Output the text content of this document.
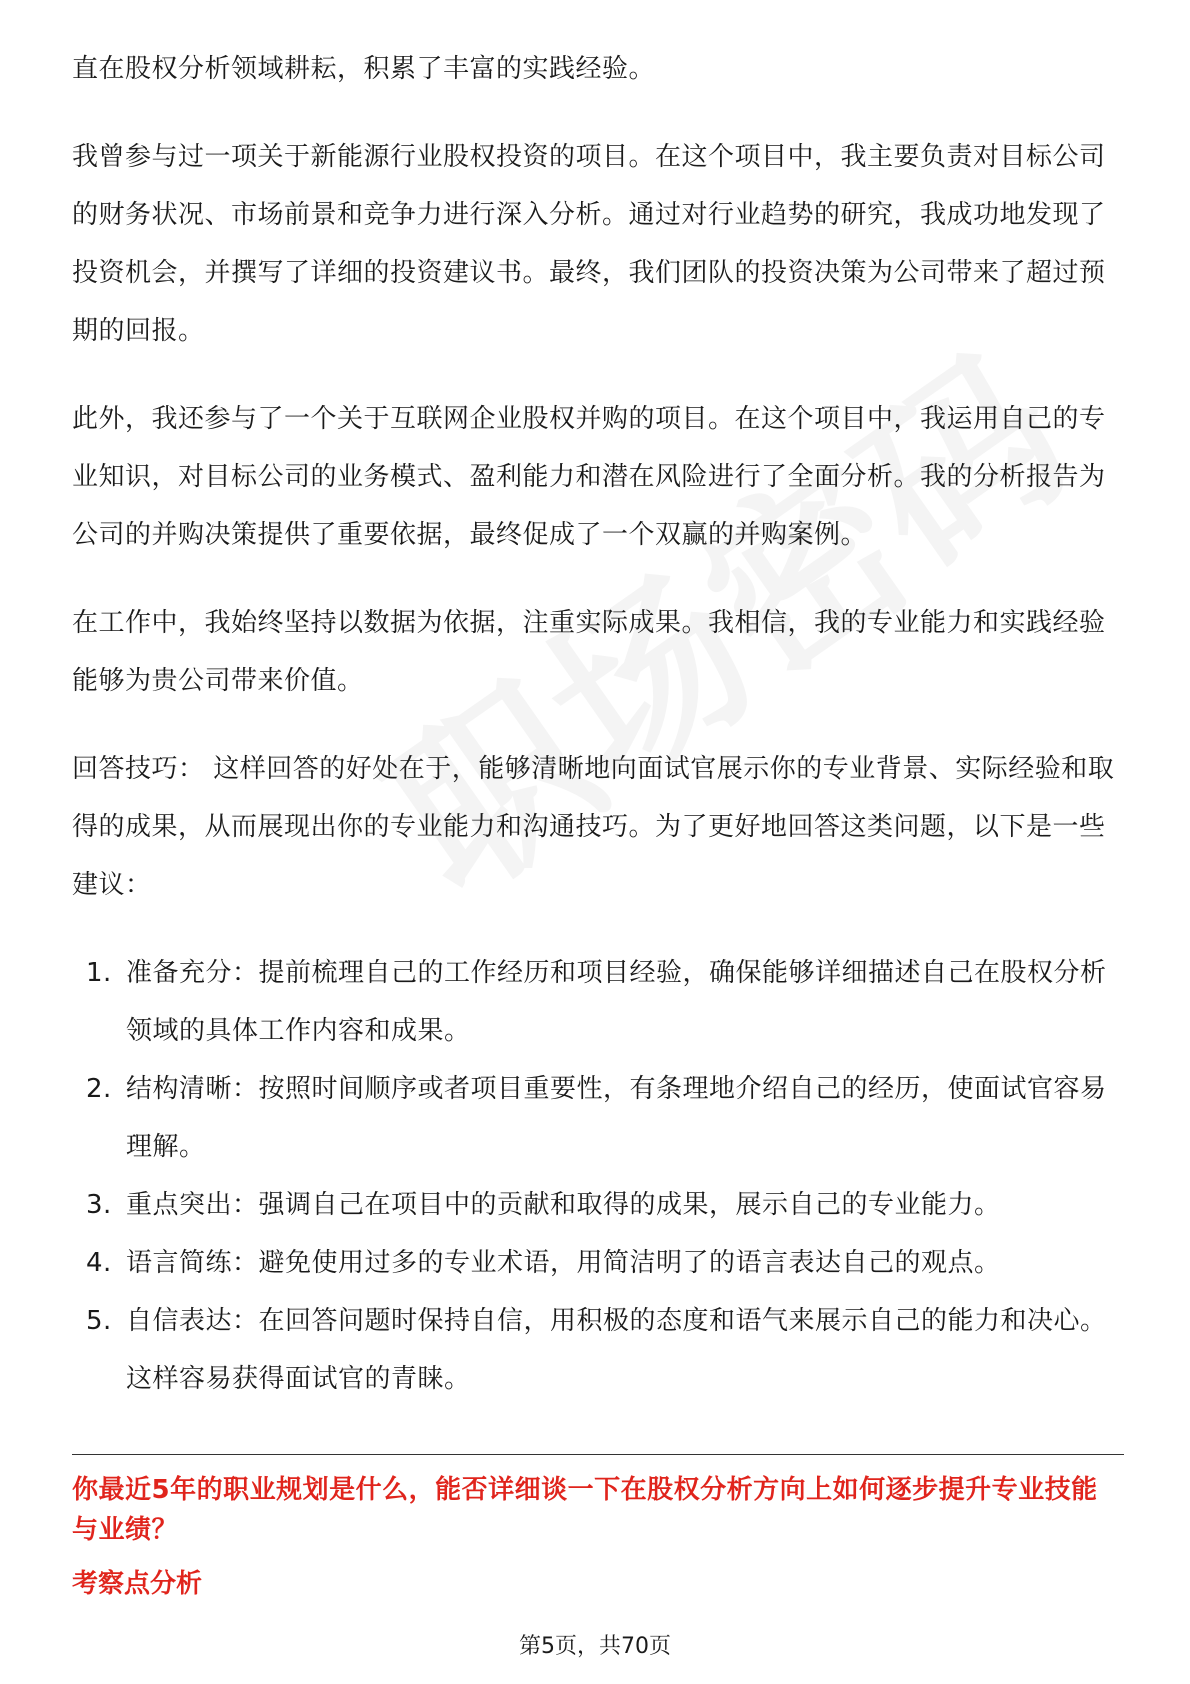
直在股权分析领域耕耘，积累了丰富的实践经验。

我曾参与过一项关于新能源行业股权投资的项目。在这个项目中，我主要负责对目标公司的财务状况、市场前景和竞争力进行深入分析。通过对行业趋势的研究，我成功地发现了投资机会，并撰写了详细的投资建议书。最终，我们团队的投资决策为公司带来了超过预期的回报。

此外，我还参与了一个关于互联网企业股权并购的项目。在这个项目中，我运用自己的专业知识，对目标公司的业务模式、盈利能力和潜在风险进行了全面分析。我的分析报告为公司的并购决策提供了重要依据，最终促成了一个双赢的并购案例。

在工作中，我始终坚持以数据为依据，注重实际成果。我相信，我的专业能力和实践经验能够为贵公司带来价值。

回答技巧： 这样回答的好处在于，能够清晰地向面试官展示你的专业背景、实际经验和取得的成果，从而展现出你的专业能力和沟通技巧。为了更好地回答这类问题，以下是一些建议：

1. 准备充分：提前梳理自己的工作经历和项目经验，确保能够详细描述自己在股权分析领域的具体工作内容和成果。
2. 结构清晰：按照时间顺序或者项目重要性，有条理地介绍自己的经历，使面试官容易理解。
3. 重点突出：强调自己在项目中的贡献和取得的成果，展示自己的专业能力。
4. 语言简练：避免使用过多的专业术语，用简洁明了的语言表达自己的观点。
5. 自信表达：在回答问题时保持自信，用积极的态度和语气来展示自己的能力和决心。这样容易获得面试官的青睐。
你最近5年的职业规划是什么，能否详细谈一下在股权分析方向上如何逐步提升专业技能与业绩？
考察点分析
第5页，共70页
